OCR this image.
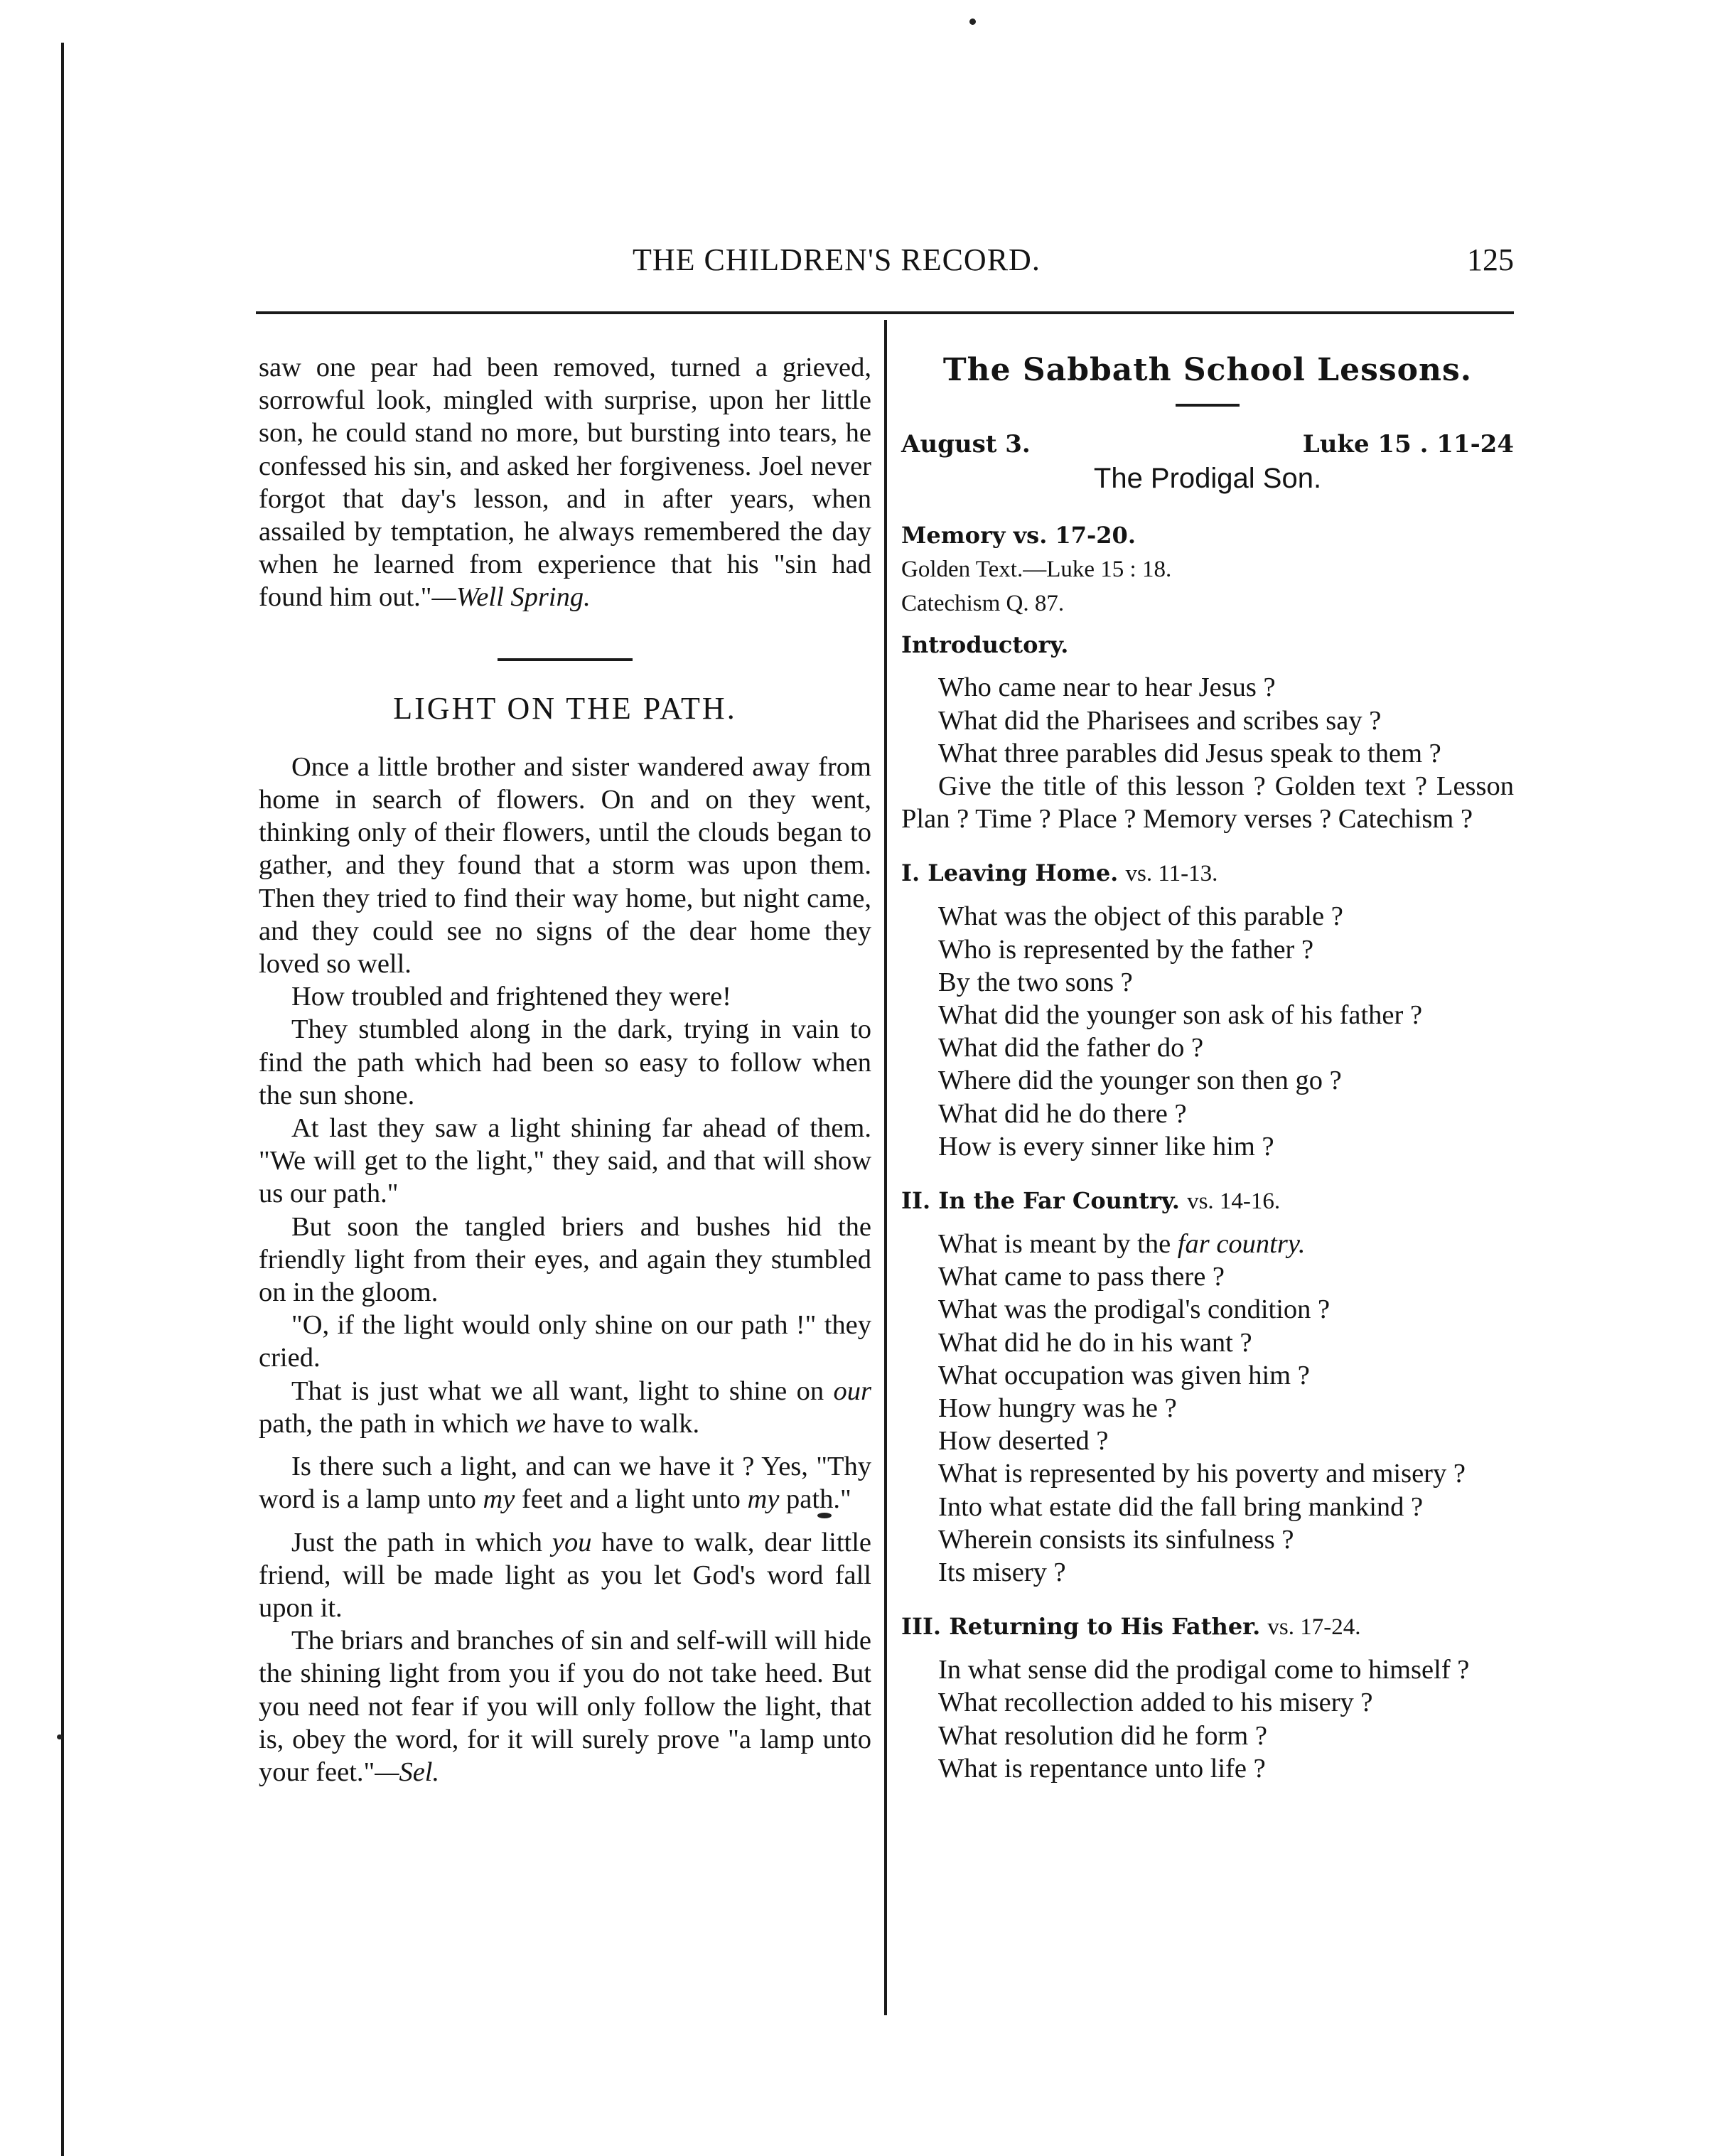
THE CHILDREN'S RECORD.	125

saw one pear had been removed, turned a grieved, sorrowful look, mingled with surprise, upon her little son, he could stand no more, but bursting into tears, he confessed his sin, and asked her forgiveness. Joel never forgot that day's lesson, and in after years, when assailed by temptation, he always remembered the day when he learned from experience that his "sin had found him out."—Well Spring.

LIGHT ON THE PATH.

Once a little brother and sister wandered away from home in search of flowers. On and on they went, thinking only of their flowers, until the clouds began to gather, and they found that a storm was upon them. Then they tried to find their way home, but night came, and they could see no signs of the dear home they loved so well.

How troubled and frightened they were!

They stumbled along in the dark, trying in vain to find the path which had been so easy to follow when the sun shone.

At last they saw a light shining far ahead of them. "We will get to the light," they said, and that will show us our path."

But soon the tangled briers and bushes hid the friendly light from their eyes, and again they stumbled on in the gloom.

"O, if the light would only shine on our path !" they cried.

That is just what we all want, light to shine on our path, the path in which we have to walk.

Is there such a light, and can we have it ? Yes, "Thy word is a lamp unto my feet and a light unto my path."

Just the path in which you have to walk, dear little friend, will be made light as you let God's word fall upon it.

The briars and branches of sin and self-will will hide the shining light from you if you do not take heed. But you need not fear if you will only follow the light, that is, obey the word, for it will surely prove "a lamp unto your feet."—Sel.

The Sabbath School Lessons.
August 3.	Luke 15 . 11-24
The Prodigal Son.
Memory vs. 17-20.
Golden Text.—Luke 15 : 18.
Catechism Q. 87.
Introductory.

Who came near to hear Jesus ?

What did the Pharisees and scribes say ?

What three parables did Jesus speak to them ?

Give the title of this lesson ? Golden text ? Lesson Plan ? Time ? Place ? Memory verses ? Catechism ?

I. Leaving Home. vs. 11-13.

What was the object of this parable ?

Who is represented by the father ?

By the two sons ?

What did the younger son ask of his father ?

What did the father do ?

Where did the younger son then go ?

What did he do there ?

How is every sinner like him ?

II. In the Far Country. vs. 14-16.

What is meant by the far country.

What came to pass there ?

What was the prodigal's condition ?

What did he do in his want ?

What occupation was given him ?

How hungry was he ?

How deserted ?

What is represented by his poverty and misery ?

Into what estate did the fall bring mankind ?

Wherein consists its sinfulness ?

Its misery ?

III. Returning to His Father. vs. 17-24.

In what sense did the prodigal come to himself ?

What recollection added to his misery ?

What resolution did he form ?

What is repentance unto life ?
